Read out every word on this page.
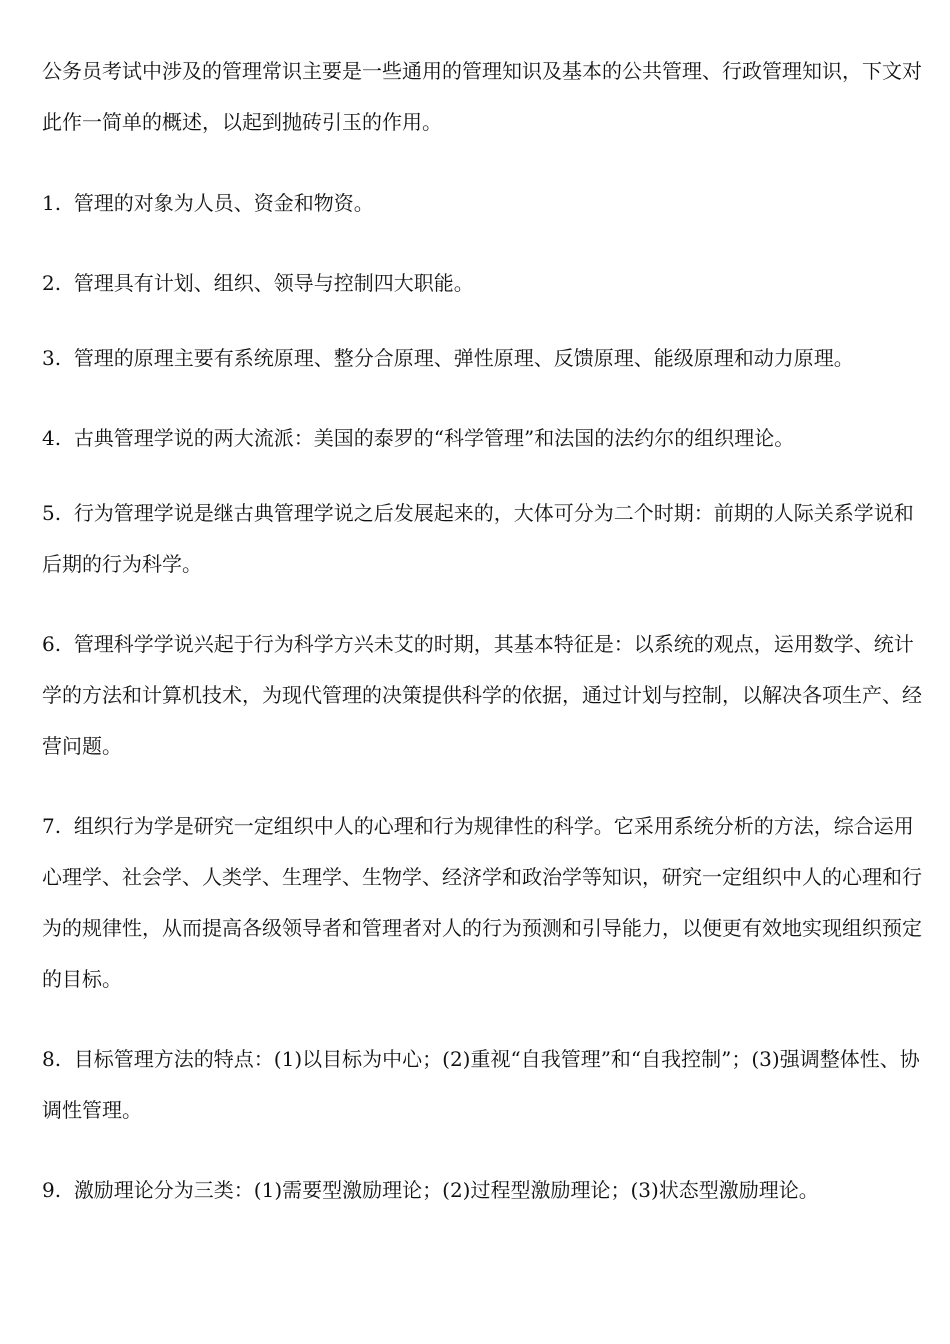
公务员考试中涉及的管理常识主要是一些通用的管理知识及基本的公共管理、行政管理知识，下文对此作一简单的概述，以起到抛砖引玉的作用。

1. 管理的对象为人员、资金和物资。

2. 管理具有计划、组织、领导与控制四大职能。

3. 管理的原理主要有系统原理、整分合原理、弹性原理、反馈原理、能级原理和动力原理。

4. 古典管理学说的两大流派：美国的泰罗的“科学管理”和法国的法约尔的组织理论。

5. 行为管理学说是继古典管理学说之后发展起来的，大体可分为二个时期：前期的人际关系学说和后期的行为科学。

6. 管理科学学说兴起于行为科学方兴未艾的时期，其基本特征是：以系统的观点，运用数学、统计学的方法和计算机技术，为现代管理的决策提供科学的依据，通过计划与控制，以解决各项生产、经营问题。

7. 组织行为学是研究一定组织中人的心理和行为规律性的科学。它采用系统分析的方法，综合运用心理学、社会学、人类学、生理学、生物学、经济学和政治学等知识，研究一定组织中人的心理和行为的规律性，从而提高各级领导者和管理者对人的行为预测和引导能力，以便更有效地实现组织预定的目标。

8. 目标管理方法的特点：(1)以目标为中心；(2)重视“自我管理”和“自我控制”；(3)强调整体性、协调性管理。

9. 激励理论分为三类：(1)需要型激励理论；(2)过程型激励理论；(3)状态型激励理论。
